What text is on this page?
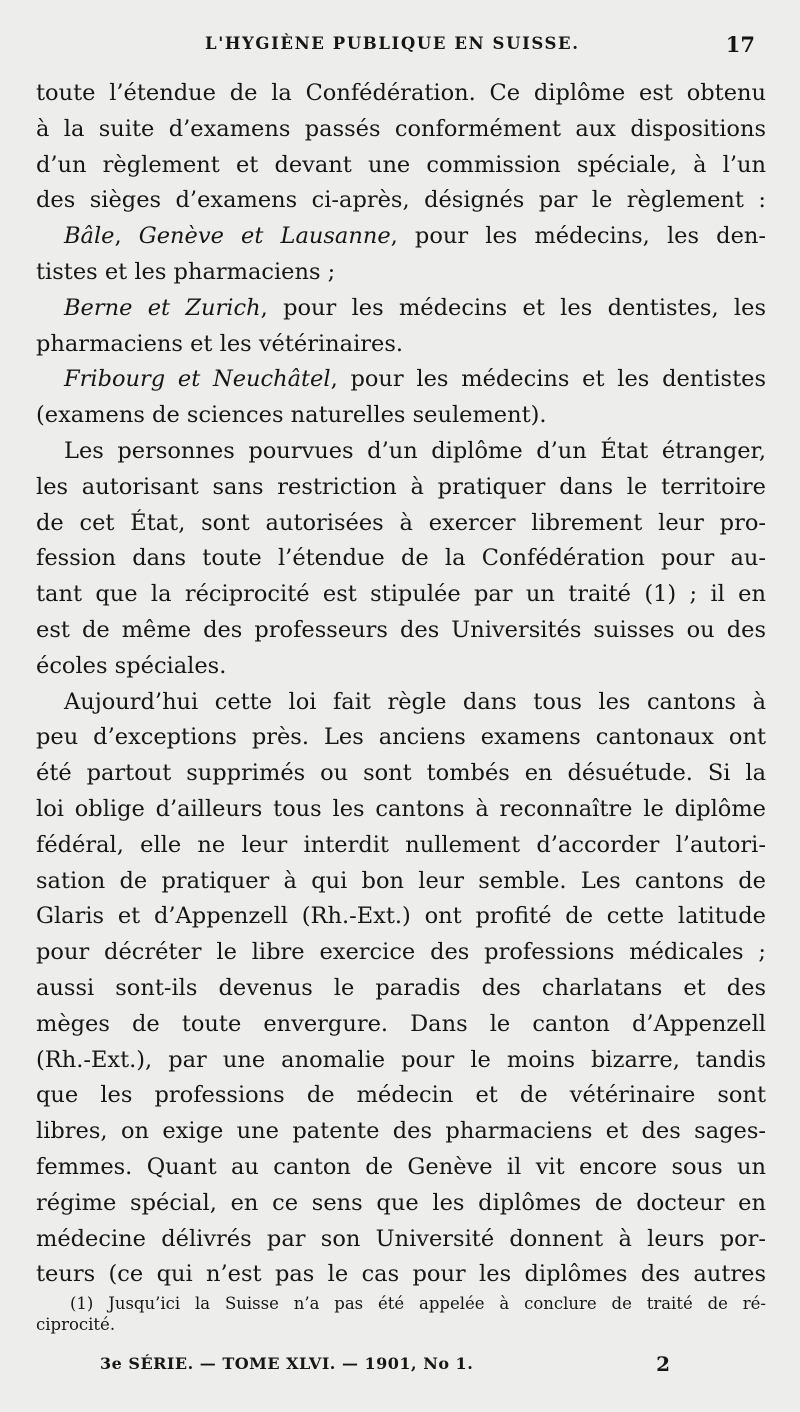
L'HYGIÈNE PUBLIQUE EN SUISSE.	17
toute l’étendue de la Confédération. Ce diplôme est obtenu
à la suite d’examens passés conformément aux dispositions
d’un règlement et devant une commission spéciale, à l’un
des sièges d’examens ci-après, désignés par le règlement :
Bâle, Genève et Lausanne, pour les médecins, les den-
tistes et les pharmaciens ;
Berne et Zurich, pour les médecins et les dentistes, les
pharmaciens et les vétérinaires.
Fribourg et Neuchâtel, pour les médecins et les dentistes
(examens de sciences naturelles seulement).
Les personnes pourvues d’un diplôme d’un État étranger,
les autorisant sans restriction à pratiquer dans le territoire
de cet État, sont autorisées à exercer librement leur pro-
fession dans toute l’étendue de la Confédération pour au-
tant que la réciprocité est stipulée par un traité (1) ; il en
est de même des professeurs des Universités suisses ou des
écoles spéciales.
Aujourd’hui cette loi fait règle dans tous les cantons à
peu d’exceptions près. Les anciens examens cantonaux ont
été partout supprimés ou sont tombés en désuétude. Si la
loi oblige d’ailleurs tous les cantons à reconnaître le diplôme
fédéral, elle ne leur interdit nullement d’accorder l’autori-
sation de pratiquer à qui bon leur semble. Les cantons de
Glaris et d’Appenzell (Rh.-Ext.) ont profité de cette latitude
pour décréter le libre exercice des professions médicales ;
aussi sont-ils devenus le paradis des charlatans et des
mèges de toute envergure. Dans le canton d’Appenzell
(Rh.-Ext.), par une anomalie pour le moins bizarre, tandis
que les professions de médecin et de vétérinaire sont
libres, on exige une patente des pharmaciens et des sages-
femmes. Quant au canton de Genève il vit encore sous un
régime spécial, en ce sens que les diplômes de docteur en
médecine délivrés par son Université donnent à leurs por-
teurs (ce qui n’est pas le cas pour les diplômes des autres
(1) Jusqu’ici la Suisse n’a pas été appelée à conclure de traité de ré-
ciprocité.
3e SÉRIE. — TOME XLVI. — 1901, No 1.	2
